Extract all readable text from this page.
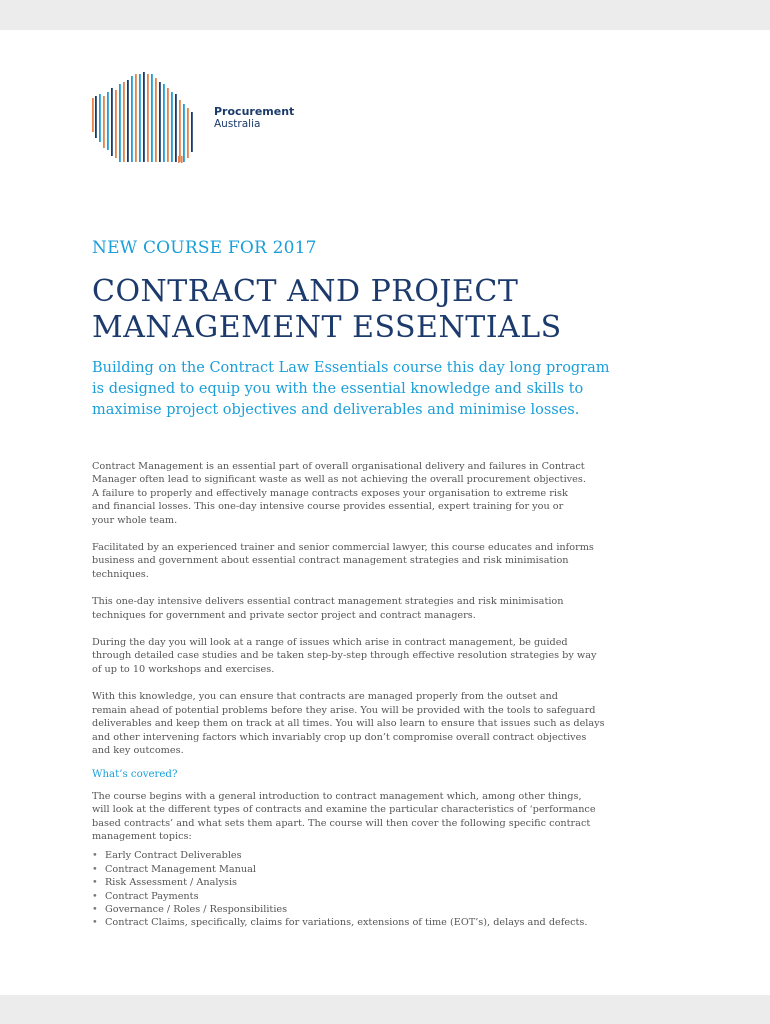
Procurement
Australia
NEW COURSE FOR 2017
CONTRACT AND PROJECT
MANAGEMENT ESSENTIALS
Building on the Contract Law Essentials course this day long program
is designed to equip you with the essential knowledge and skills to
maximise project objectives and deliverables and minimise losses.

Contract Management is an essential part of overall organisational delivery and failures in Contract
Manager often lead to significant waste as well as not achieving the overall procurement objectives.
A failure to properly and effectively manage contracts exposes your organisation to extreme risk
and financial losses. This one-day intensive course provides essential, expert training for you or
your whole team.

Facilitated by an experienced trainer and senior commercial lawyer, this course educates and informs
business and government about essential contract management strategies and risk minimisation
techniques.

This one-day intensive delivers essential contract management strategies and risk minimisation
techniques for government and private sector project and contract managers.

During the day you will look at a range of issues which arise in contract management, be guided
through detailed case studies and be taken step-by-step through effective resolution strategies by way
of up to 10 workshops and exercises.

With this knowledge, you can ensure that contracts are managed properly from the outset and
remain ahead of potential problems before they arise. You will be provided with the tools to safeguard
deliverables and keep them on track at all times. You will also learn to ensure that issues such as delays
and other intervening factors which invariably crop up don’t compromise overall contract objectives
and key outcomes.

What’s covered?

The course begins with a general introduction to contract management which, among other things,
will look at the different types of contracts and examine the particular characteristics of ‘performance
based contracts’ and what sets them apart. The course will then cover the following specific contract
management topics:

• Early Contract Deliverables
• Contract Management Manual
• Risk Assessment / Analysis
• Contract Payments
• Governance / Roles / Responsibilities
• Contract Claims, specifically, claims for variations, extensions of time (EOT’s), delays and defects.
